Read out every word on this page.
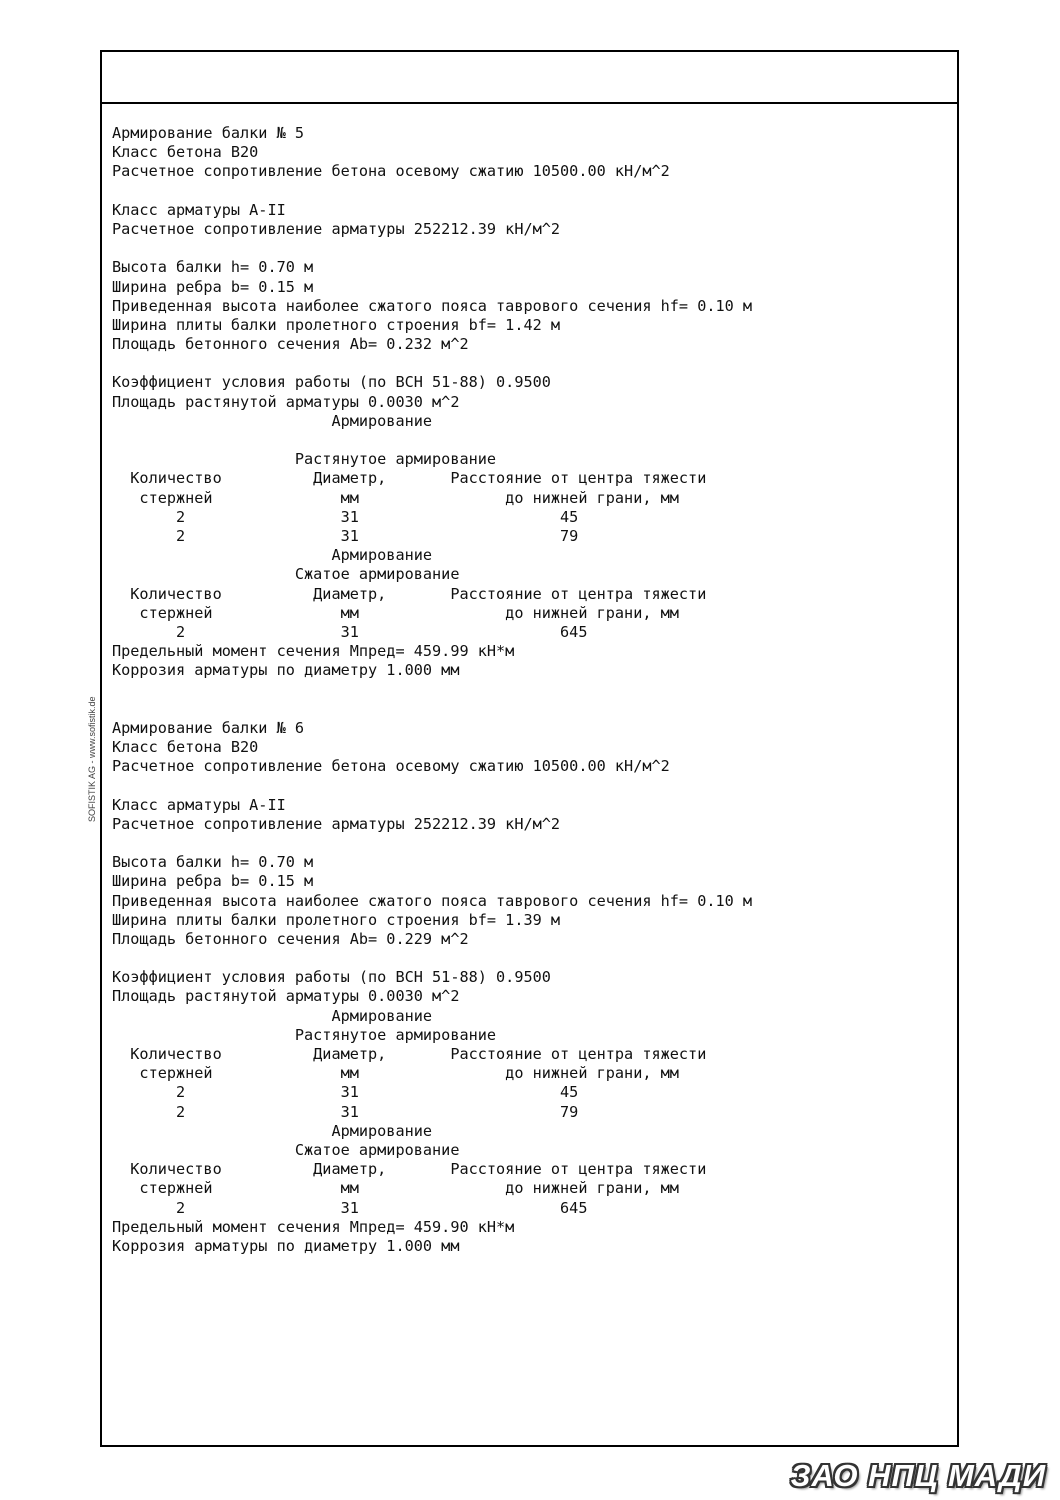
SOFISTIK AG - www.sofistik.de
Армирование балки № 5
Класс бетона B20
Расчетное сопротивление бетона осевому сжатию 10500.00 кН/м^2
Класс арматуры A-II
Расчетное сопротивление арматуры 252212.39 кН/м^2
Высота балки h= 0.70 м
Ширина ребра b= 0.15 м
Приведенная высота наиболее сжатого пояса таврового сечения hf= 0.10 м
Ширина плиты балки пролетного строения bf= 1.42 м
Площадь бетонного сечения Ab= 0.232 м^2
Коэффициент условия работы (по ВСН 51-88) 0.9500
Площадь растянутой арматуры 0.0030 м^2
Армирование
Растянутое армирование
Количество          Диаметр,       Расстояние от центра тяжести
стержней              мм                до нижней грани, мм
2                 31                      45
2                 31                      79
Армирование
Сжатое армирование
Количество          Диаметр,       Расстояние от центра тяжести
стержней              мм                до нижней грани, мм
2                 31                      645
Предельный момент сечения Мпред= 459.99 кН*м
Коррозия арматуры по диаметру 1.000 мм
Армирование балки № 6
Класс бетона B20
Расчетное сопротивление бетона осевому сжатию 10500.00 кН/м^2
Класс арматуры A-II
Расчетное сопротивление арматуры 252212.39 кН/м^2
Высота балки h= 0.70 м
Ширина ребра b= 0.15 м
Приведенная высота наиболее сжатого пояса таврового сечения hf= 0.10 м
Ширина плиты балки пролетного строения bf= 1.39 м
Площадь бетонного сечения Ab= 0.229 м^2
Коэффициент условия работы (по ВСН 51-88) 0.9500
Площадь растянутой арматуры 0.0030 м^2
Армирование
Растянутое армирование
Количество          Диаметр,       Расстояние от центра тяжести
стержней              мм                до нижней грани, мм
2                 31                      45
2                 31                      79
Армирование
Сжатое армирование
Количество          Диаметр,       Расстояние от центра тяжести
стержней              мм                до нижней грани, мм
2                 31                      645
Предельный момент сечения Мпред= 459.90 кН*м
Коррозия арматуры по диаметру 1.000 мм
ЗАО НПЦ МАДИ
